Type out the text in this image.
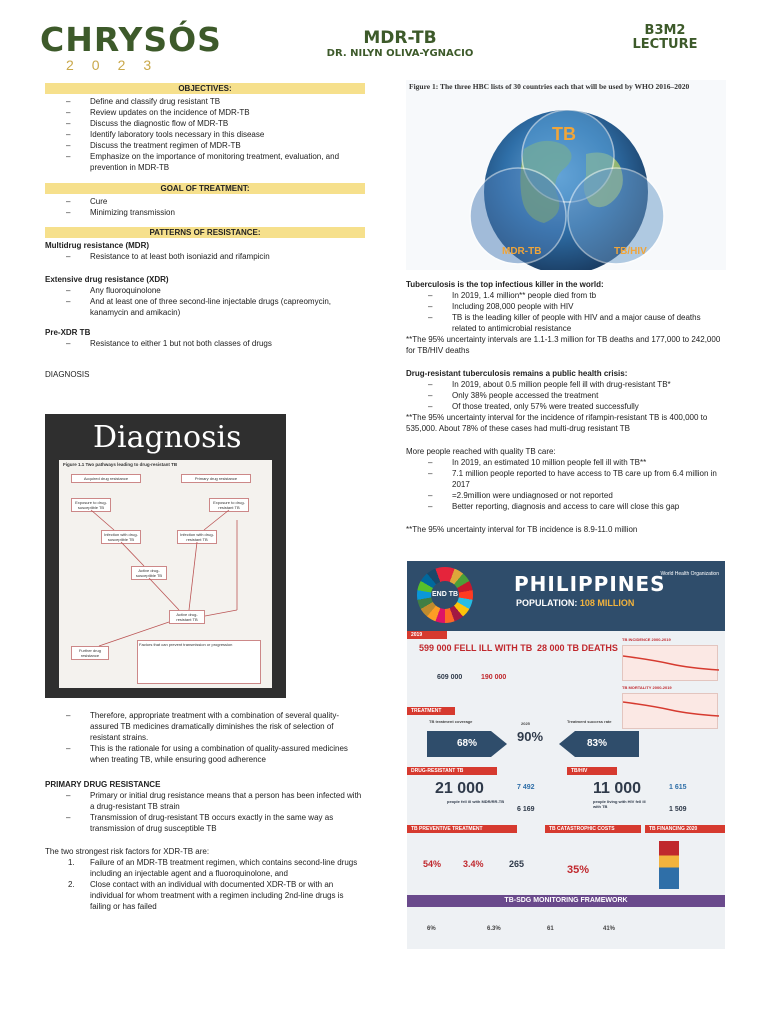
CHRYSÓS
2023
MDR-TB
DR. NILYN OLIVA-YGNACIO
B3M2
LECTURE
OBJECTIVES:
– Define and classify drug resistant TB
– Review updates on the incidence of MDR-TB
– Discuss the diagnostic flow of MDR-TB
– Identify laboratory tools necessary in this disease
– Discuss the treatment regimen of MDR-TB
– Emphasize on the importance of monitoring treatment, evaluation, and prevention in MDR-TB
GOAL OF TREATMENT:
– Cure
– Minimizing transmission
PATTERNS OF RESISTANCE:
Multidrug resistance (MDR)
– Resistance to at least both isoniazid and rifampicin
Extensive drug resistance (XDR)
– Any fluoroquinolone
– And at least one of three second-line injectable drugs (capreomycin, kanamycin and amikacin)
Pre-XDR TB
– Resistance to either 1 but not both classes of drugs
DIAGNOSIS
Diagnosis
Figure 1.1 Two pathways leading to drug-resistant TB
Acquired drug resistance	Primary drug resistance
Exposure to drug-susceptible TB
Infection with drug-susceptible TB
Active drug-susceptible TB
Exposure to drug-resistant TB
Infection with drug-resistant TB
Active drug-resistant TB
Further drug resistance
Factors that can prevent transmission or progression
– Therefore, appropriate treatment with a combination of several quality-assured TB medicines dramatically diminishes the risk of selection of resistant strains.
– This is the rationale for using a combination of quality-assured medicines when treating TB, while ensuring good adherence
PRIMARY DRUG RESISTANCE
– Primary or initial drug resistance means that a person has been infected with a drug-resistant TB strain
– Transmission of drug-resistant TB occurs exactly in the same way as transmission of drug susceptible TB
The two strongest risk factors for XDR-TB are:
1. Failure of an MDR-TB treatment regimen, which contains second-line drugs including an injectable agent and a fluoroquinolone, and
2. Close contact with an individual with documented XDR-TB or with an individual for whom treatment with a regimen including 2nd-line drugs is failing or has failed
Figure 1: The three HBC lists of 30 countries each that will be used by WHO 2016–2020
TB
MDR-TB	TB/HIV
Tuberculosis is the top infectious killer in the world:
– In 2019, 1.4 million** people died from tb
– Including 208,000 people with HIV
– TB is the leading killer of people with HIV and a major cause of deaths related to antimicrobial resistance
**The 95% uncertainty intervals are 1.1-1.3 million for TB deaths and 177,000 to 242,000 for TB/HIV deaths
Drug-resistant tuberculosis remains a public health crisis:
– In 2019, about 0.5 million people fell ill with drug-resistant TB*
– Only 38% people accessed the treatment
– Of those treated, only 57% were treated successfully
**The 95% uncertainty interval for the incidence of rifampin-resistant TB is 400,000 to 535,000. About 78% of these cases had multi-drug resistant TB
More people reached with quality TB care:
– In 2019, an estimated 10 million people fell ill with TB**
– 7.1 million people reported to have access to TB care up from 6.4 million in 2017
– =2.9million were undiagnosed or not reported
– Better reporting, diagnosis and access to care will close this gap
**The 95% uncertainty interval for TB incidence is 8.9-11.0 million
END TB	PHILIPPINES
POPULATION: 108 MILLION
World Health Organization
2019
599 000 FELL ILL WITH TB 28 000 TB DEATHS
609 000	190 000
TB INCIDENCE 2000-2019
TB MORTALITY 2000-2019
TREATMENT
TB treatment coverage
68%
2025
90%
Treatment success rate
83%
DRUG-RESISTANT TB
21 000
people fell ill with MDR/RR-TB
7 492
6 169
TB/HIV
11 000
people living with HIV fell ill with TB
1 615
1 509
TB PREVENTIVE TREATMENT	TB CATASTROPHIC COSTS	TB FINANCING 2020
54% 3.4%	265	35%
TB-SDG MONITORING FRAMEWORK
6%	6.3%	61	41%
